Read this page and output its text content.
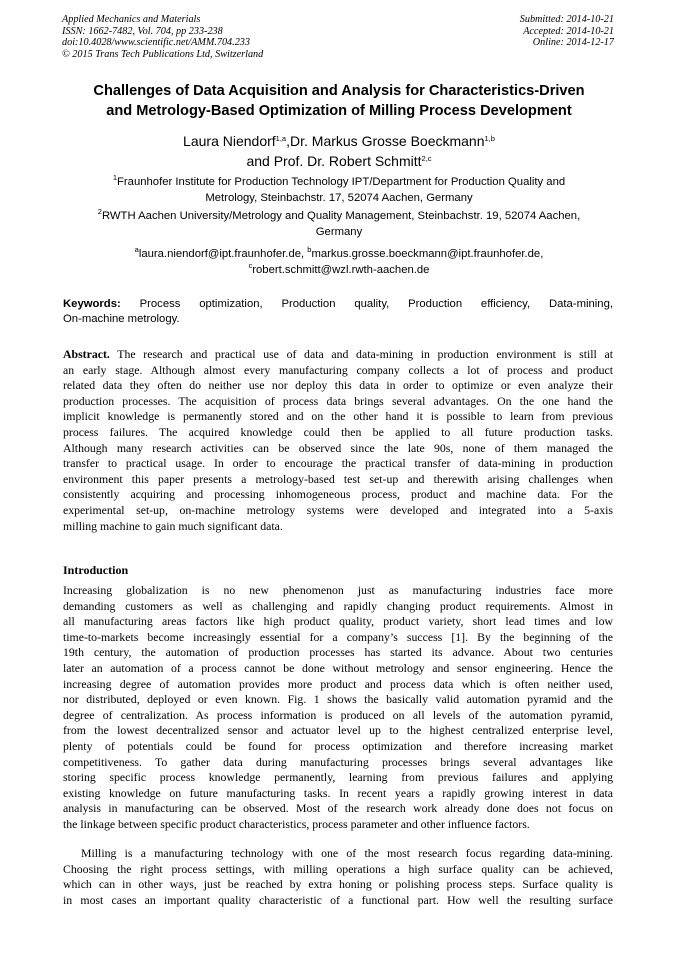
Applied Mechanics and Materials
ISSN: 1662-7482, Vol. 704, pp 233-238
doi:10.4028/www.scientific.net/AMM.704.233
© 2015 Trans Tech Publications Ltd, Switzerland
Submitted: 2014-10-21
Accepted: 2014-10-21
Online: 2014-12-17
Challenges of Data Acquisition and Analysis for Characteristics-Driven
and Metrology-Based Optimization of Milling Process Development
Laura Niendorf$^{1,a}$,Dr. Markus Grosse Boeckmann$^{1,b}$
and Prof. Dr. Robert Schmitt$^{2,c}$
$^1$Fraunhofer Institute for Production Technology IPT/Department for Production Quality and
Metrology, Steinbachstr. 17, 52074 Aachen, Germany
$^2$RWTH Aachen University/Metrology and Quality Management, Steinbachstr. 19, 52074 Aachen,
Germany
$^a$laura.niendorf@ipt.fraunhofer.de, $^b$markus.grosse.boeckmann@ipt.fraunhofer.de,
$^c$robert.schmitt@wzl.rwth-aachen.de
Keywords: Process optimization, Production quality, Production efficiency, Data-mining,
On-machine metrology.
Abstract. The research and practical use of data and data-mining in production environment is still at
an early stage. Although almost every manufacturing company collects a lot of process and product
related data they often do neither use nor deploy this data in order to optimize or even analyze their
production processes. The acquisition of process data brings several advantages. On the one hand the
implicit knowledge is permanently stored and on the other hand it is possible to learn from previous
process failures. The acquired knowledge could then be applied to all future production tasks.
Although many research activities can be observed since the late 90s, none of them managed the
transfer to practical usage. In order to encourage the practical transfer of data-mining in production
environment this paper presents a metrology-based test set-up and therewith arising challenges when
consistently acquiring and processing inhomogeneous process, product and machine data. For the
experimental set-up, on-machine metrology systems were developed and integrated into a 5-axis
milling machine to gain much significant data.
Introduction
Increasing globalization is no new phenomenon just as manufacturing industries face more
demanding customers as well as challenging and rapidly changing product requirements. Almost in
all manufacturing areas factors like high product quality, product variety, short lead times and low
time-to-markets become increasingly essential for a company’s success [1]. By the beginning of the
19th century, the automation of production processes has started its advance. About two centuries
later an automation of a process cannot be done without metrology and sensor engineering. Hence the
increasing degree of automation provides more product and process data which is often neither used,
nor distributed, deployed or even known. Fig. 1 shows the basically valid automation pyramid and the
degree of centralization. As process information is produced on all levels of the automation pyramid,
from the lowest decentralized sensor and actuator level up to the highest centralized enterprise level,
plenty of potentials could be found for process optimization and therefore increasing market
competitiveness. To gather data during manufacturing processes brings several advantages like
storing specific process knowledge permanently, learning from previous failures and applying
existing knowledge on future manufacturing tasks. In recent years a rapidly growing interest in data
analysis in manufacturing can be observed. Most of the research work already done does not focus on
the linkage between specific product characteristics, process parameter and other influence factors.
Milling is a manufacturing technology with one of the most research focus regarding data-mining.
Choosing the right process settings, with milling operations a high surface quality can be achieved,
which can in other ways, just be reached by extra honing or polishing process steps. Surface quality is
in most cases an important quality characteristic of a functional part. How well the resulting surface
